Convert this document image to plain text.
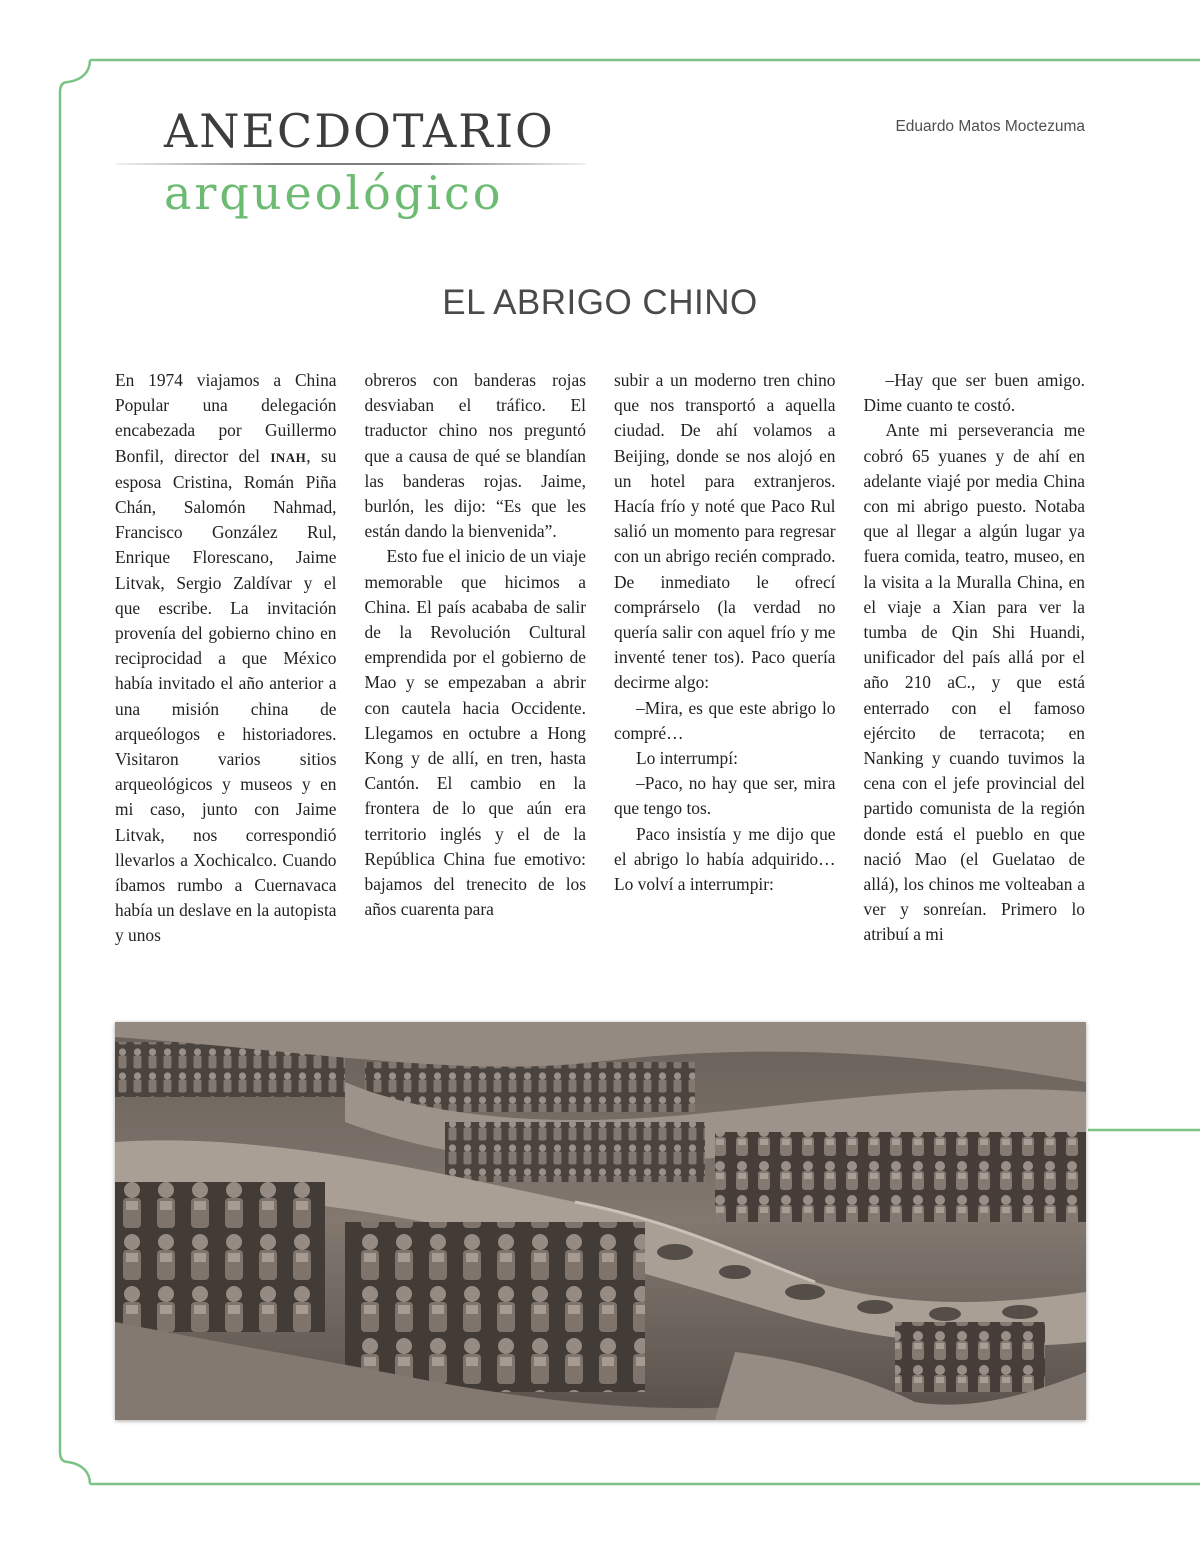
Eduardo Matos Moctezuma
ANECDOTARIO
arqueológico
EL ABRIGO CHINO

En 1974 viajamos a China Popular una delegación encabezada por Guillermo Bonfil, director del INAH, su esposa Cristina, Román Piña Chán, Salomón Nahmad, Francisco González Rul, Enrique Florescano, Jaime Litvak, Sergio Zaldívar y el que escribe. La invitación provenía del gobierno chino en reciprocidad a que México había invitado el año anterior a una misión china de arqueólogos e historiadores. Visitaron varios sitios arqueológicos y museos y en mi caso, junto con Jaime Litvak, nos correspondió llevarlos a Xochicalco. Cuando íbamos rumbo a Cuernavaca había un deslave en la autopista y unos

obreros con banderas rojas desviaban el tráfico. El traductor chino nos preguntó que a causa de qué se blandían las banderas rojas. Jaime, burlón, les dijo: “Es que les están dando la bienvenida”.

Esto fue el inicio de un viaje memorable que hicimos a China. El país acababa de salir de la Revolución Cultural emprendida por el gobierno de Mao y se empezaban a abrir con cautela hacia Occidente. Llegamos en octubre a Hong Kong y de allí, en tren, hasta Cantón. El cambio en la frontera de lo que aún era territorio inglés y el de la República China fue emotivo: bajamos del trenecito de los años cuarenta para

subir a un moderno tren chino que nos transportó a aquella ciudad. De ahí volamos a Beijing, donde se nos alojó en un hotel para extranjeros. Hacía frío y noté que Paco Rul salió un momento para regresar con un abrigo recién comprado. De inmediato le ofrecí comprárselo (la verdad no quería salir con aquel frío y me inventé tener tos). Paco quería decirme algo:

–Mira, es que este abrigo lo compré…

Lo interrumpí:

–Paco, no hay que ser, mira que tengo tos.

Paco insistía y me dijo que el abrigo lo había adquirido… Lo volví a interrumpir:

–Hay que ser buen amigo. Dime cuanto te costó.

Ante mi perseverancia me cobró 65 yuanes y de ahí en adelante viajé por media China con mi abrigo puesto. Notaba que al llegar a algún lugar ya fuera comida, teatro, museo, en la visita a la Muralla China, en el viaje a Xian para ver la tumba de Qin Shi Huandi, unificador del país allá por el año 210 aC., y que está enterrado con el famoso ejército de terracota; en Nanking y cuando tuvimos la cena con el jefe provincial del partido comunista de la región donde está el pueblo en que nació Mao (el Guelatao de allá), los chinos me volteaban a ver y sonreían. Primero lo atribuí a mi
